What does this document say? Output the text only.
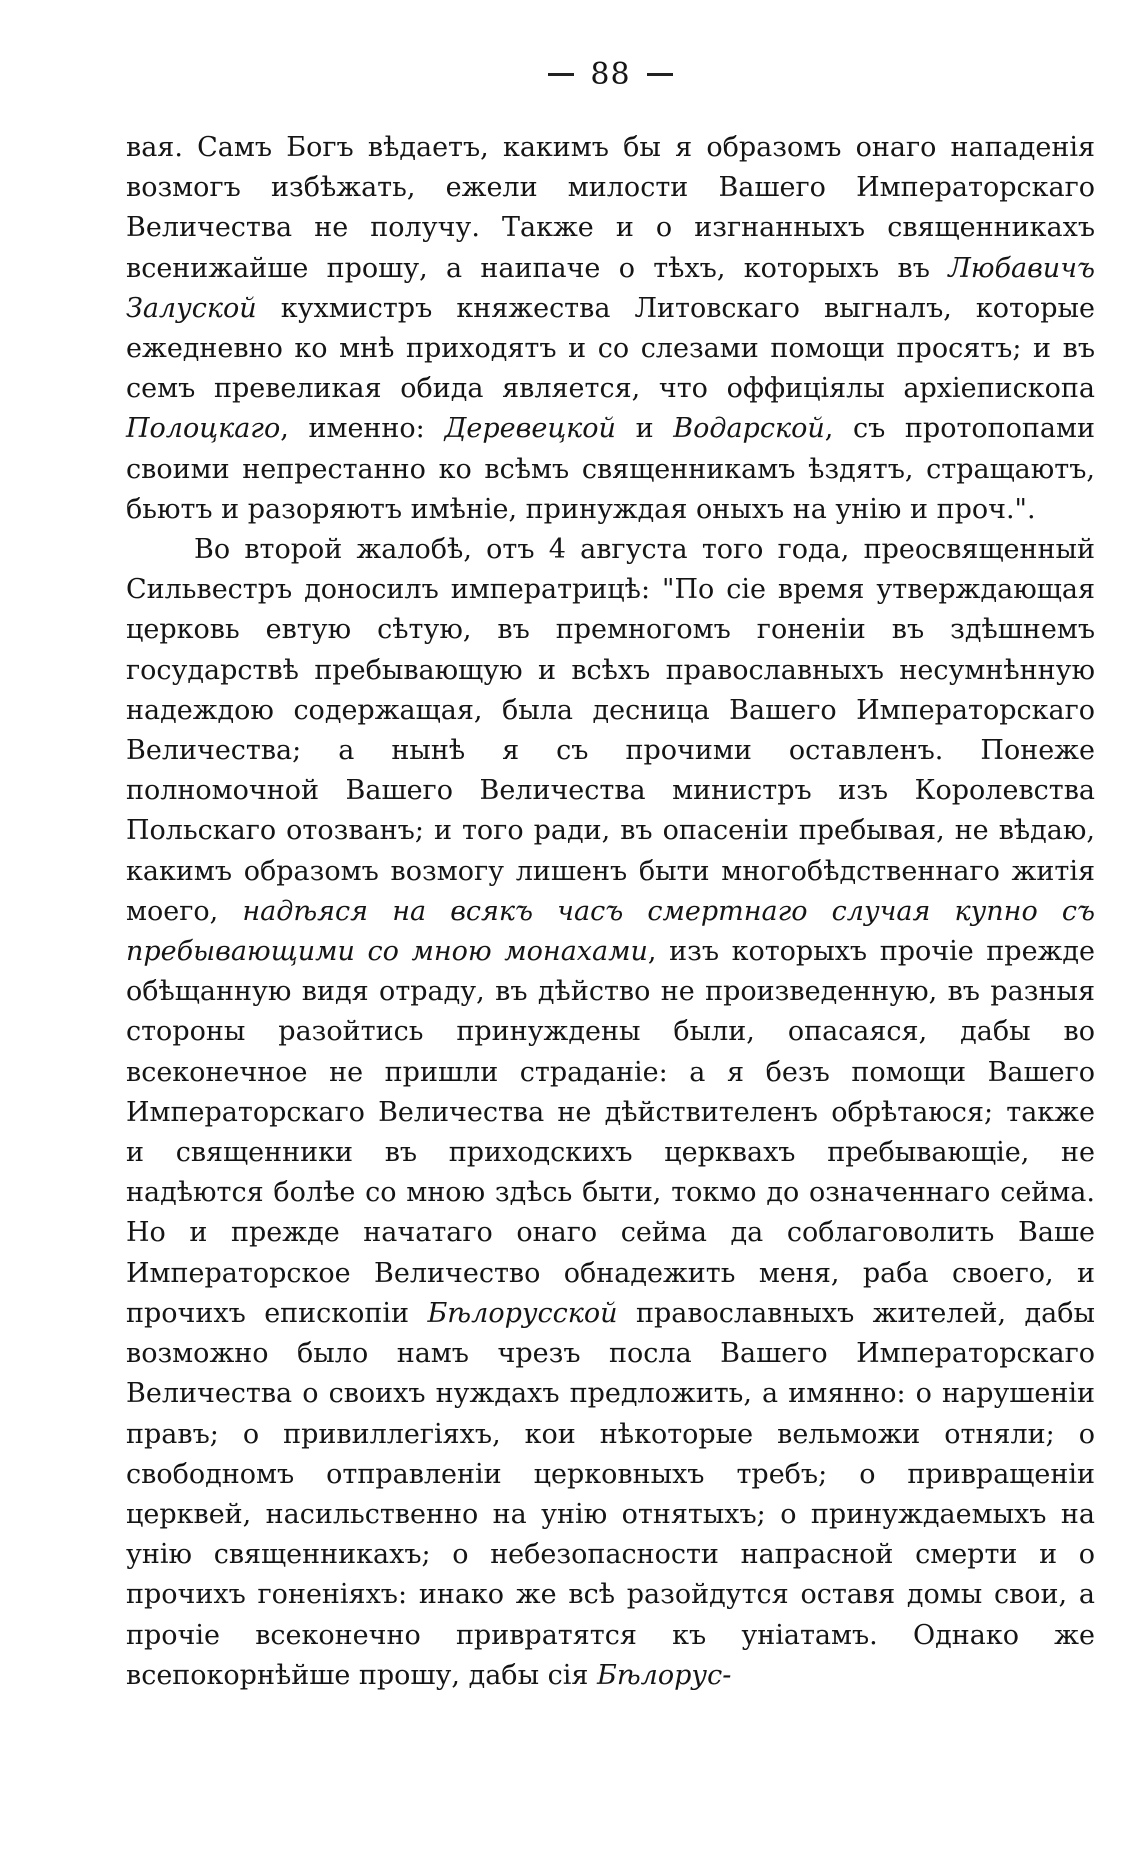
88

вая. Самъ Богъ вѣдаетъ, какимъ бы я образомъ онаго нападенія возмогъ избѣжать, ежели милости Вашего Императорскаго Величества не получу. Также и о изгнанныхъ священникахъ всенижайше прошу, а наипаче о тѣхъ, которыхъ въ Любавичъ Залуской кухмистръ княжества Литовскаго выгналъ, которые ежедневно ко мнѣ приходятъ и со слезами помощи просятъ; и въ семъ превеликая обида является, что оффиціялы архіепископа Полоцкаго, именно: Деревецкой и Водарской, съ протопопами своими непрестанно ко всѣмъ священникамъ ѣздятъ, стращаютъ, бьютъ и разоряютъ имѣніе, принуждая оныхъ на унію и проч.".

Во второй жалобѣ, отъ 4 августа того года, преосвященный Сильвестръ доносилъ императрицѣ: "По сіе время утверждающая церковь евтую сѣтую, въ премногомъ гоненіи въ здѣшнемъ государствѣ пребывающую и всѣхъ православныхъ несумнѣнную надеждою содержащая, была десница Вашего Императорскаго Величества; а нынѣ я съ прочими оставленъ. Понеже полномочной Вашего Величества министръ изъ Королевства Польскаго отозванъ; и того ради, въ опасеніи пребывая, не вѣдаю, какимъ образомъ возмогу лишенъ быти многобѣдственнаго житія моего, надѣяся на всякъ часъ смертнаго случая купно съ пребывающими со мною монахами, изъ которыхъ прочіе прежде обѣщанную видя отраду, въ дѣйство не произведенную, въ разныя стороны разойтись принуждены были, опасаяся, дабы во всеконечное не пришли страданіе: а я безъ помощи Вашего Императорскаго Величества не дѣйствителенъ обрѣтаюся; также и священники въ приходскихъ церквахъ пребывающіе, не надѣются болѣе со мною здѣсь быти, токмо до означеннаго сейма. Но и прежде начатаго онаго сейма да соблаговолить Ваше Императорское Величество обнадежить меня, раба своего, и прочихъ епископіи Бѣлорусской православныхъ жителей, дабы возможно было намъ чрезъ посла Вашего Императорскаго Величества о своихъ нуждахъ предложить, а имянно: о нарушеніи правъ; о привиллегіяхъ, кои нѣкоторые вельможи отняли; о свободномъ отправленіи церковныхъ требъ; о привращеніи церквей, насильственно на унію отнятыхъ; о принуждаемыхъ на унію священникахъ; о небезопасности напрасной смерти и о прочихъ гоненіяхъ: инако же всѣ разойдутся оставя домы свои, а прочіе всеконечно привратятся къ уніатамъ. Однако же всепокорнѣйше прошу, дабы сія Бѣлорус-
